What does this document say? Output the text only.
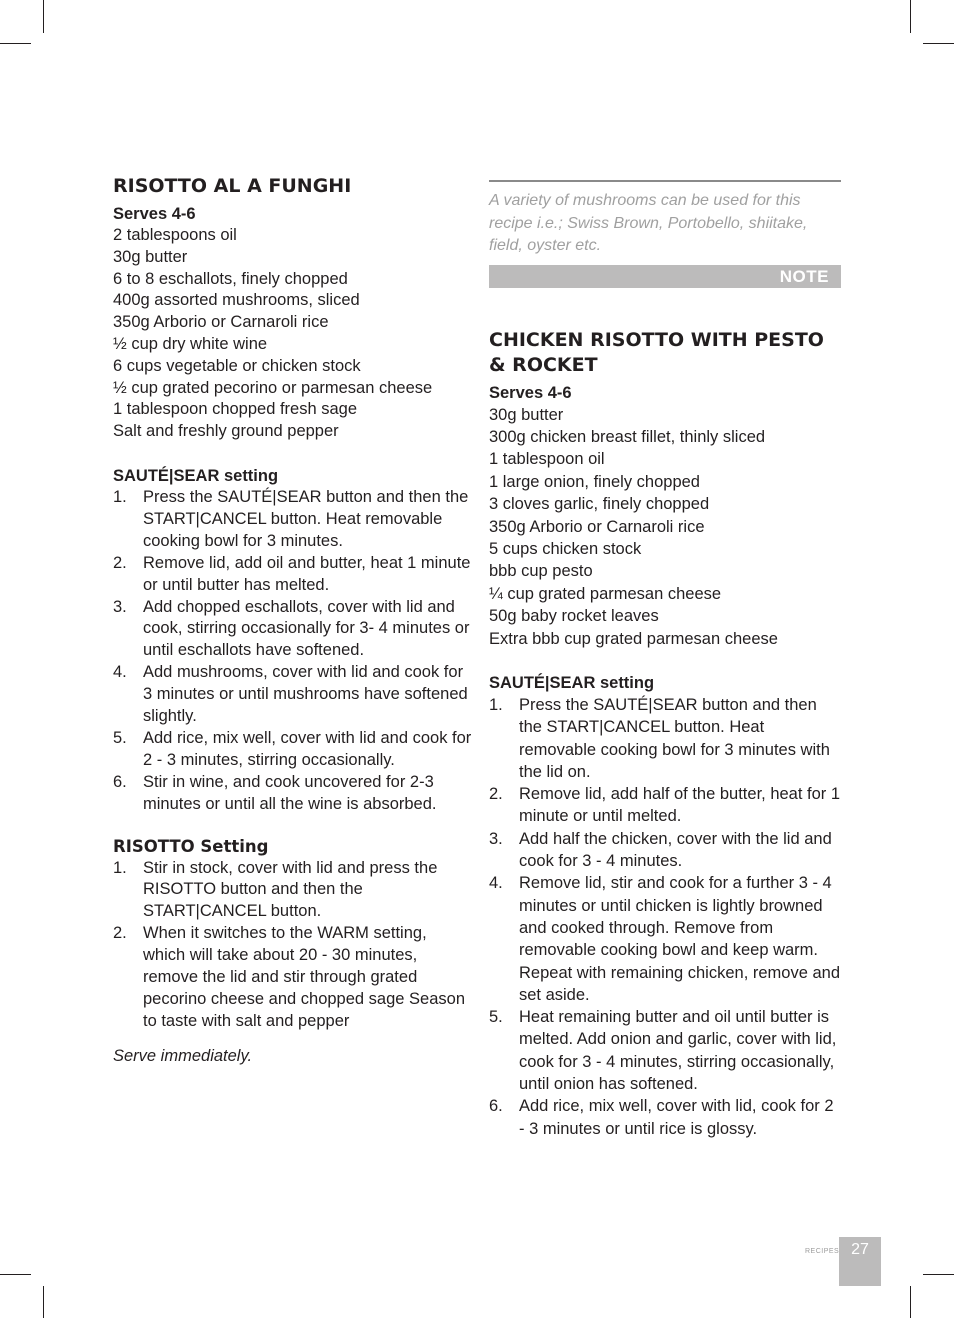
RISOTTO AL A FUNGHI
Serves 4-6
2 tablespoons oil
30g butter
6 to 8 eschallots, finely chopped
400g assorted mushrooms, sliced
350g Arborio or Carnaroli rice
½ cup dry white wine
6 cups vegetable or chicken stock
½ cup grated pecorino or parmesan cheese
1 tablespoon chopped fresh sage
Salt and freshly ground pepper
SAUTÉ|SEAR setting
1. Press the SAUTÉ|SEAR button and then the START|CANCEL button. Heat removable cooking bowl for 3 minutes.
2. Remove lid, add oil and butter, heat 1 minute or until butter has melted.
3. Add chopped eschallots, cover with lid and cook, stirring occasionally for 3- 4 minutes or until eschallots have softened.
4. Add mushrooms, cover with lid and cook for 3 minutes or until mushrooms have softened slightly.
5. Add rice, mix well, cover with lid and cook for 2 - 3 minutes, stirring occasionally.
6. Stir in wine, and cook uncovered for 2-3 minutes or until all the wine is absorbed.
RISOTTO Setting
1. Stir in stock, cover with lid and press the RISOTTO button and then the START|CANCEL button.
2. When it switches to the WARM setting, which will take about 20 - 30 minutes, remove the lid and stir through grated pecorino cheese and chopped sage Season to taste with salt and pepper
Serve immediately.
A variety of mushrooms can be used for this recipe i.e.; Swiss Brown, Portobello, shiitake, field, oyster etc.
NOTE
CHICKEN RISOTTO WITH PESTO & ROCKET
Serves 4-6
30g butter
300g chicken breast fillet, thinly sliced
1 tablespoon oil
1 large onion, finely chopped
3 cloves garlic, finely chopped
350g Arborio or Carnaroli rice
5 cups chicken stock
bbb cup pesto
¼ cup grated parmesan cheese
50g baby rocket leaves
Extra bbb cup grated parmesan cheese
SAUTÉ|SEAR setting
1. Press the SAUTÉ|SEAR button and then the START|CANCEL button. Heat removable cooking bowl for 3 minutes with the lid on.
2. Remove lid, add half of the butter, heat for 1 minute or until melted.
3. Add half the chicken, cover with the lid and cook for 3 - 4 minutes.
4. Remove lid, stir and cook for a further 3 - 4 minutes or until chicken is lightly browned and cooked through. Remove from removable cooking bowl and keep warm. Repeat with remaining chicken, remove and set aside.
5. Heat remaining butter and oil until butter is melted. Add onion and garlic, cover with lid, cook for 3 - 4 minutes, stirring occasionally, until onion has softened.
6. Add rice, mix well, cover with lid, cook for 2 - 3 minutes or until rice is glossy.
RECIPES 27
